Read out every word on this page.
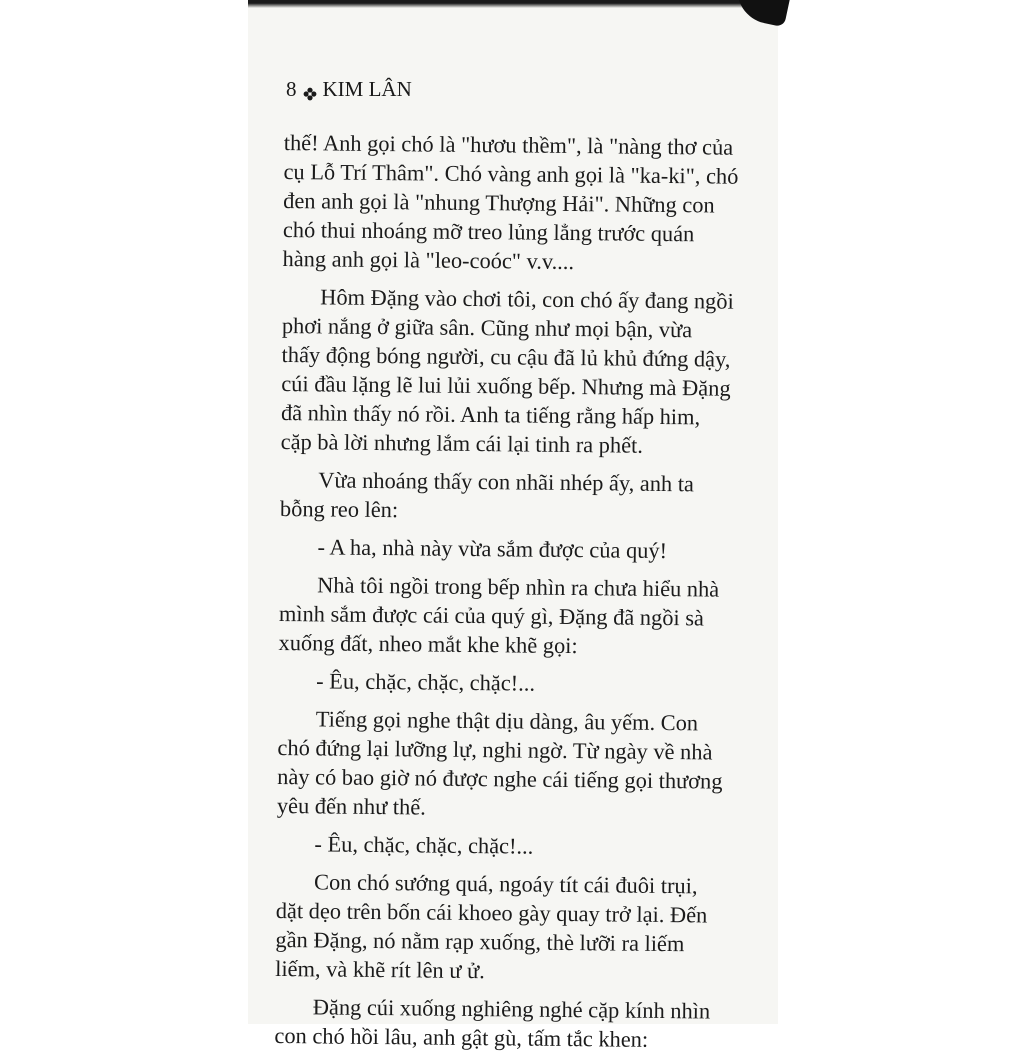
8 KIM LÂN

thế! Anh gọi chó là "hươu thềm", là "nàng thơ của
cụ Lỗ Trí Thâm". Chó vàng anh gọi là "ka-ki", chó
đen anh gọi là "nhung Thượng Hải". Những con
chó thui nhoáng mỡ treo lủng lẳng trước quán
hàng anh gọi là "leo-coóc" v.v....

Hôm Đặng vào chơi tôi, con chó ấy đang ngồi
phơi nắng ở giữa sân. Cũng như mọi bận, vừa
thấy động bóng người, cu cậu đã lủ khủ đứng dậy,
cúi đầu lặng lẽ lui lủi xuống bếp. Nhưng mà Đặng
đã nhìn thấy nó rồi. Anh ta tiếng rằng hấp him,
cặp bà lời nhưng lắm cái lại tinh ra phết.

Vừa nhoáng thấy con nhãi nhép ấy, anh ta
bỗng reo lên:

- A ha, nhà này vừa sắm được của quý!

Nhà tôi ngồi trong bếp nhìn ra chưa hiểu nhà
mình sắm được cái của quý gì, Đặng đã ngồi sà
xuống đất, nheo mắt khe khẽ gọi:

- Êu, chặc, chặc, chặc!...

Tiếng gọi nghe thật dịu dàng, âu yếm. Con
chó đứng lại lưỡng lự, nghi ngờ. Từ ngày về nhà
này có bao giờ nó được nghe cái tiếng gọi thương
yêu đến như thế.

- Êu, chặc, chặc, chặc!...

Con chó sướng quá, ngoáy tít cái đuôi trụi,
dặt dẹo trên bốn cái khoeo gày quay trở lại. Đến
gần Đặng, nó nằm rạp xuống, thè lưỡi ra liếm
liếm, và khẽ rít lên ư ử.

Đặng cúi xuống nghiêng nghé cặp kính nhìn
con chó hồi lâu, anh gật gù, tấm tắc khen:
